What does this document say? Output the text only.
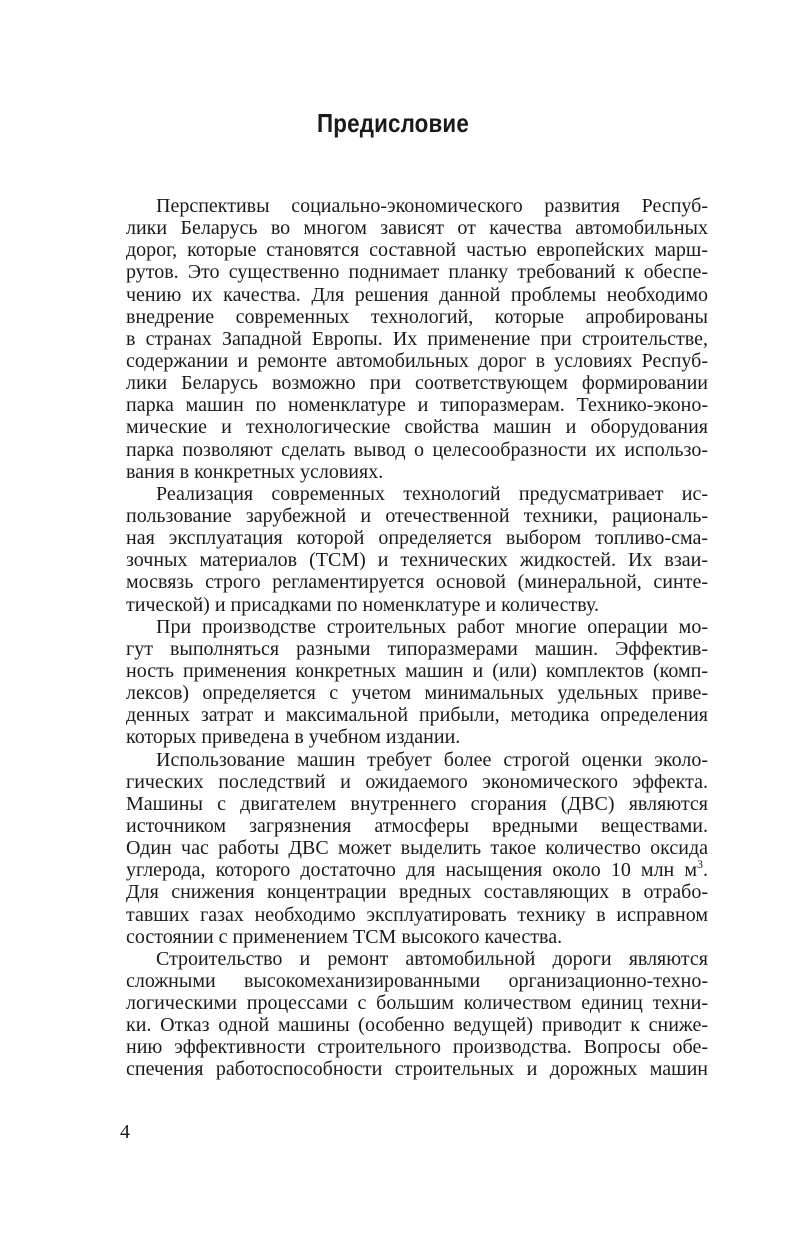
Предисловие
Перспективы социально-экономического развития Респуб-
лики Беларусь во многом зависят от качества автомобильных
дорог, которые становятся составной частью европейских марш-
рутов. Это существенно поднимает планку требований к обеспе-
чению их качества. Для решения данной проблемы необходимо
внедрение современных технологий, которые апробированы
в странах Западной Европы. Их применение при строительстве,
содержании и ремонте автомобильных дорог в условиях Респуб-
лики Беларусь возможно при соответствующем формировании
парка машин по номенклатуре и типоразмерам. Технико-эконо-
мические и технологические свойства машин и оборудования
парка позволяют сделать вывод о целесообразности их использо-
вания в конкретных условиях.
Реализация современных технологий предусматривает ис-
пользование зарубежной и отечественной техники, рациональ-
ная эксплуатация которой определяется выбором топливо-сма-
зочных материалов (ТСМ) и технических жидкостей. Их взаи-
мосвязь строго регламентируется основой (минеральной, синте-
тической) и присадками по номенклатуре и количеству.
При производстве строительных работ многие операции мо-
гут выполняться разными типоразмерами машин. Эффектив-
ность применения конкретных машин и (или) комплектов (комп-
лексов) определяется с учетом минимальных удельных приве-
денных затрат и максимальной прибыли, методика определения
которых приведена в учебном издании.
Использование машин требует более строгой оценки эколо-
гических последствий и ожидаемого экономического эффекта.
Машины с двигателем внутреннего сгорания (ДВС) являются
источником загрязнения атмосферы вредными веществами.
Один час работы ДВС может выделить такое количество оксида
углерода, которого достаточно для насыщения около 10 млн $м^3$.
Для снижения концентрации вредных составляющих в отрабо-
тавших газах необходимо эксплуатировать технику в исправном
состоянии с применением ТСМ высокого качества.
Строительство и ремонт автомобильной дороги являются
сложными высокомеханизированными организационно-техно-
логическими процессами с большим количеством единиц техни-
ки. Отказ одной машины (особенно ведущей) приводит к сниже-
нию эффективности строительного производства. Вопросы обе-
спечения работоспособности строительных и дорожных машин
4
